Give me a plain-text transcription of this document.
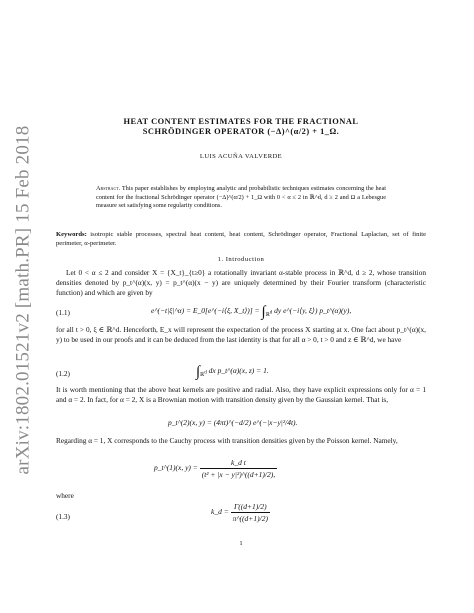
arXiv:1802.01521v2 [math.PR] 15 Feb 2018
HEAT CONTENT ESTIMATES FOR THE FRACTIONAL
SCHRÖDINGER OPERATOR (−Δ)^(α/2) + 1_Ω.
LUIS ACUÑA VALVERDE
Abstract. This paper establishes by employing analytic and probabilistic techniques estimates concerning the heat content for the fractional Schrödinger operator (−Δ)^(α/2) + 1_Ω with 0 < α ≤ 2 in ℝ^d, d ≥ 2 and Ω a Lebesgue measure set satisfying some regularity conditions.
Keywords: isotropic stable processes, spectral heat content, heat content, Schrödinger operator, Fractional Laplacian, set of finite perimeter, α-perimeter.
1. Introduction
Let 0 < α ≤ 2 and consider X = {X_t}_{t≥0} a rotationally invariant α-stable process in ℝ^d, d ≥ 2, whose transition densities denoted by p_t^(α)(x, y) = p_t^(α)(x − y) are uniquely determined by their Fourier transform (characteristic function) and which are given by
(1.1)	e^(−t|ξ|^α) = E_0[e^(−i⟨ξ, X_t⟩)] = $\int_{ℝ^d}$ dy e^(−i⟨y, ξ⟩) p_t^(α)(y),
for all t > 0, ξ ∈ ℝ^d. Henceforth, E_x will represent the expectation of the process X starting at x. One fact about p_t^(α)(x, y) to be used in our proofs and it can be deduced from the last identity is that for all α > 0, t > 0 and z ∈ ℝ^d, we have
(1.2)	$\int_{ℝ^d}$ dx p_t^(α)(x, z) = 1.
It is worth mentioning that the above heat kernels are positive and radial. Also, they have explicit expressions only for α = 1 and α = 2. In fact, for α = 2, X is a Brownian motion with transition density given by the Gaussian kernel. That is,
p_t^(2)(x, y) = (4πt)^(−d/2) e^(−|x−y|²/4t).
Regarding α = 1, X corresponds to the Cauchy process with transition densities given by the Poisson kernel. Namely,
p_t^(1)(x, $y) = \frac{\text{k\_d t}}{\text{(t² + |x − y|²)\textasciicircum{}((d+1)/2),}}$
where
(1.3)
k_d = $\frac{\Gamma((d+1)/2)}{\pi\^{}((d+1)/2)}$
1
